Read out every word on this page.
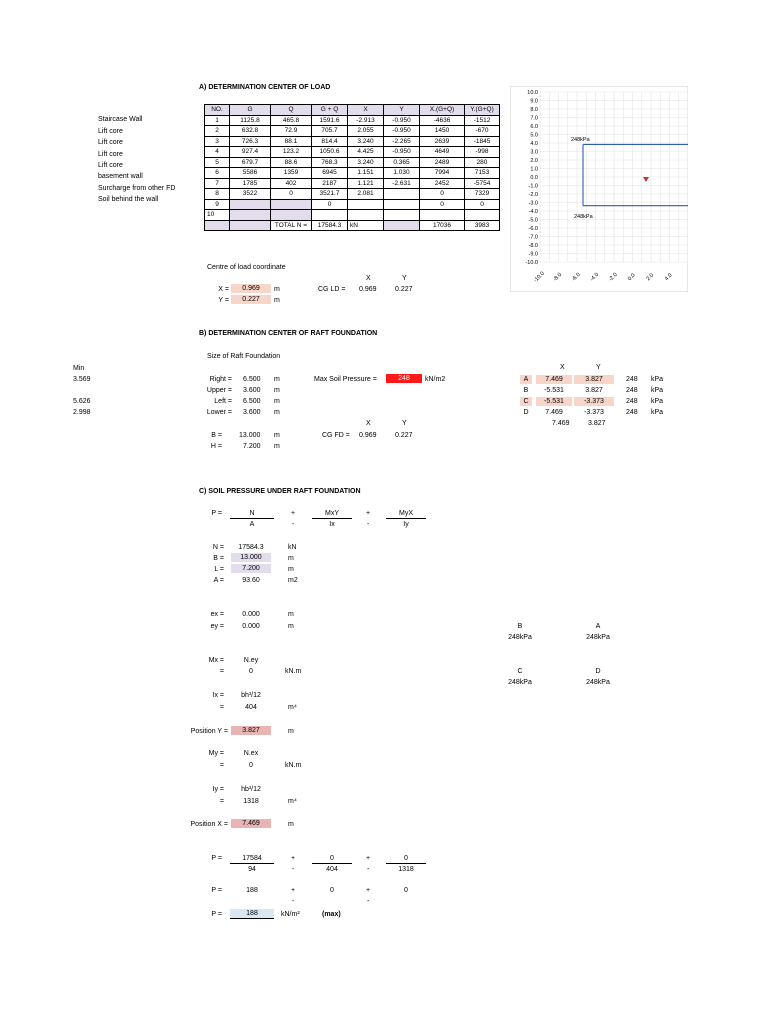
A) DETERMINATION CENTER OF LOAD
Staircase Wall
Lift core
Lift core
Lift core
Lift core
basement wall
Surcharge from other FD
Soil behind the wall
NO.	G	Q	G + Q	X	Y	X.(G+Q)	Y.(G+Q)
1	1125.8	465.8	1591.6	-2.913	-0.950	-4636	-1512
2	632.8	72.9	705.7	2.055	-0.950	1450	-670
3	726.3	88.1	814.4	3.240	-2.265	2639	-1845
4	927.4	123.2	1050.6	4.425	-0.950	4649	-998
5	679.7	88.6	768.3	3.240	0.365	2489	280
6	5586	1359	6945	1.151	1.030	7994	7153
7	1785	402	2187	1.121	-2.631	2452	-5754
8	3522	0	3521.7	2.081		0	7329
9			0			0	0
10							
		TOTAL N =	17584.3	kN		17036	3983
Centre of load coordinate
X =	0.969	m
Y =	0.227	m
X	Y
CG LD = 0.969	0.227
10.0
9.0
8.0
7.0
6.0
5.0
4.0
3.0
2.0
1.0
0.0
-1.0
-2.0
-3.0
-4.0
-5.0
-6.0
-7.0
-8.0
-9.0
-10.0
-10.0 -8.0 -6.0 -4.0 -2.0 0.0 2.0 4.0
248kPa
248kPa
B) DETERMINATION CENTER OF RAFT FOUNDATION
Size of Raft Foundation
Min
3.569
5.626
2.998
Right = 6.500 m
Upper = 3.600 m
Left = 6.500 m
Lower = 3.600 m
Max Soil Pressure =	248	kN/m2
X	Y
CG FD = 0.969	0.227
B = 13.000 m
H =	7.200 m
X	Y
A	7.469	3.827	248	kPa
B	-5.531	3.827	248	kPa
C	-5.531	-3.373	248	kPa
D	7.469	-3.373	248	kPa
7.469	3.827
C) SOIL PRESSURE UNDER RAFT FOUNDATION
P =	N
A
+
-
MxY
Ix
+
-
MyX
Iy
N =	17584.3	kN
B =	13.000	m
L =	7.200	m
A =	93.60	m2
ex =	0.000	m
ey =	0.000	m
Mx =	N.ey
=	0	kN.m
Ix =	bh³/12
=	404	m⁴
Position Y =	3.827	m
My =	N.ex
=	0	kN.m
Iy =	hb³/12
=	1318	m⁴
Position X =	7.469	m
P =	17584
94
+
-
0
404
+
-
0
1318
P =	188	+
-
0	+
-
0
P =	188	kN/m²	(max)
B
248kPa
A
248kPa
C
248kPa
D
248kPa
